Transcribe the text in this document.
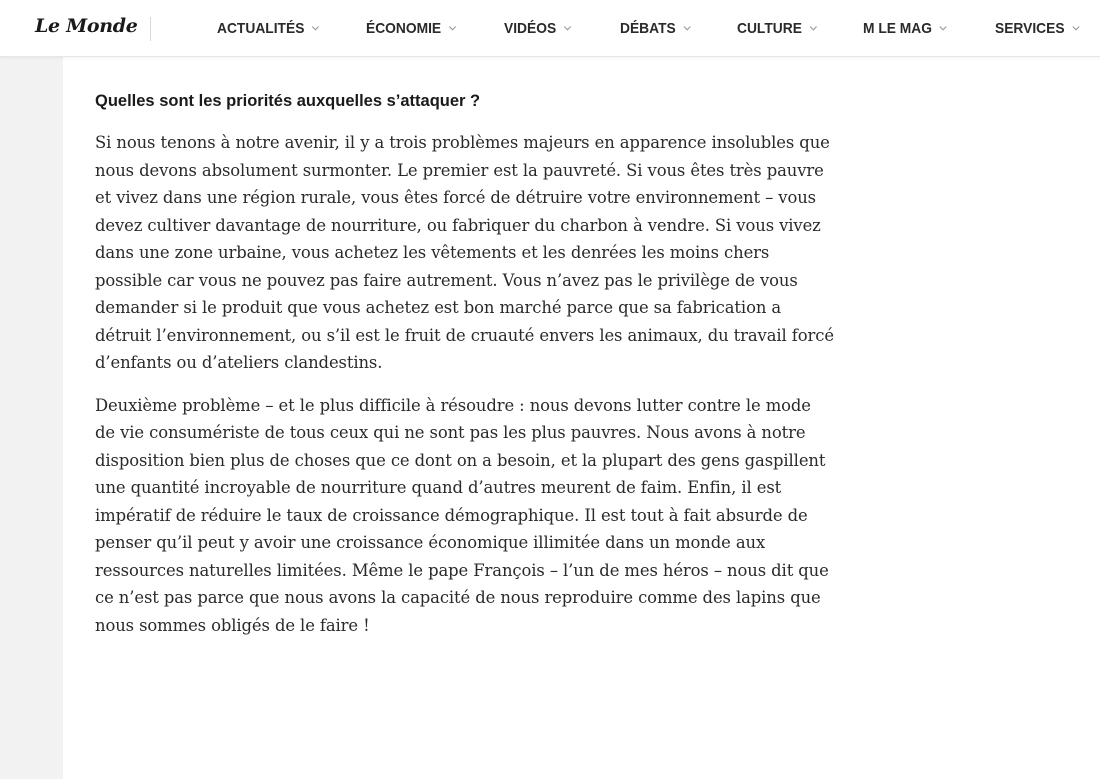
Le Monde	ACTUALITÉS	ÉCONOMIE	VIDÉOS	DÉBATS	CULTURE	M LE MAG	SERVICES
Quelles sont les priorités auxquelles s’attaquer ?

Si nous tenons à notre avenir, il y a trois problèmes majeurs en apparence insolubles que nous devons absolument surmonter. Le premier est la pauvreté. Si vous êtes très pauvre et vivez dans une région rurale, vous êtes forcé de détruire votre environnement – vous devez cultiver davantage de nourriture, ou fabriquer du charbon à vendre. Si vous vivez dans une zone urbaine, vous achetez les vêtements et les denrées les moins chers possible car vous ne pouvez pas faire autrement. Vous n’avez pas le privilège de vous demander si le produit que vous achetez est bon marché parce que sa fabrication a détruit l’environnement, ou s’il est le fruit de cruauté envers les animaux, du travail forcé d’enfants ou d’ateliers clandestins.

Deuxième problème – et le plus difficile à résoudre : nous devons lutter contre le mode de vie consumériste de tous ceux qui ne sont pas les plus pauvres. Nous avons à notre disposition bien plus de choses que ce dont on a besoin, et la plupart des gens gaspillent une quantité incroyable de nourriture quand d’autres meurent de faim. Enfin, il est impératif de réduire le taux de croissance démographique. Il est tout à fait absurde de penser qu’il peut y avoir une croissance économique illimitée dans un monde aux ressources naturelles limitées. Même le pape François – l’un de mes héros – nous dit que ce n’est pas parce que nous avons la capacité de nous reproduire comme des lapins que nous sommes obligés de le faire !
